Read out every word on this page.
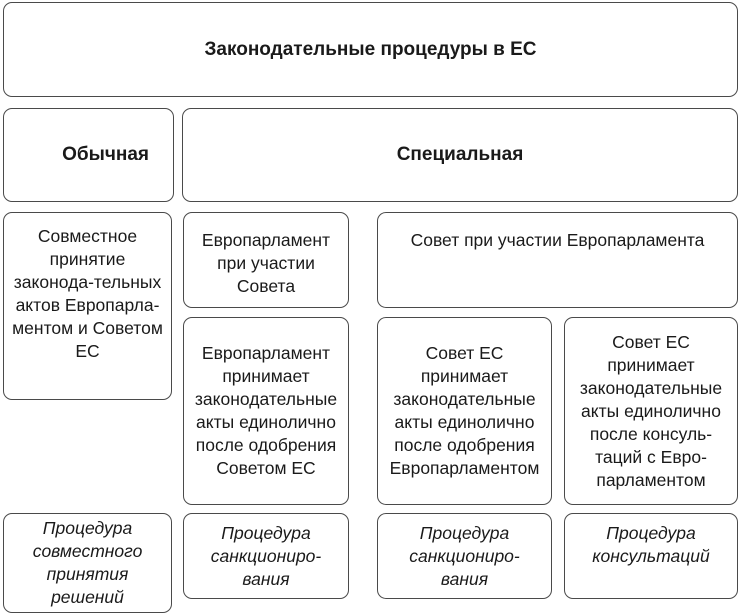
Законодательные процедуры в ЕС
Обычная	Специальная
Совместное принятие законода-тельных актов Европарла-ментом и Советом ЕС
Европарламент при участии Совета
Совет при участии Европарламента
Европарламент принимает законодательные акты единолично после одобрения Советом ЕС
Совет ЕС принимает законодательные акты единолично после одобрения Европарламентом
Совет ЕС принимает законодательные акты единолично после консуль-таций с Евро-парламентом
Процедура совместного принятия решений
Процедура санкциониро-вания
Процедура санкциониро-вания
Процедура консультаций
